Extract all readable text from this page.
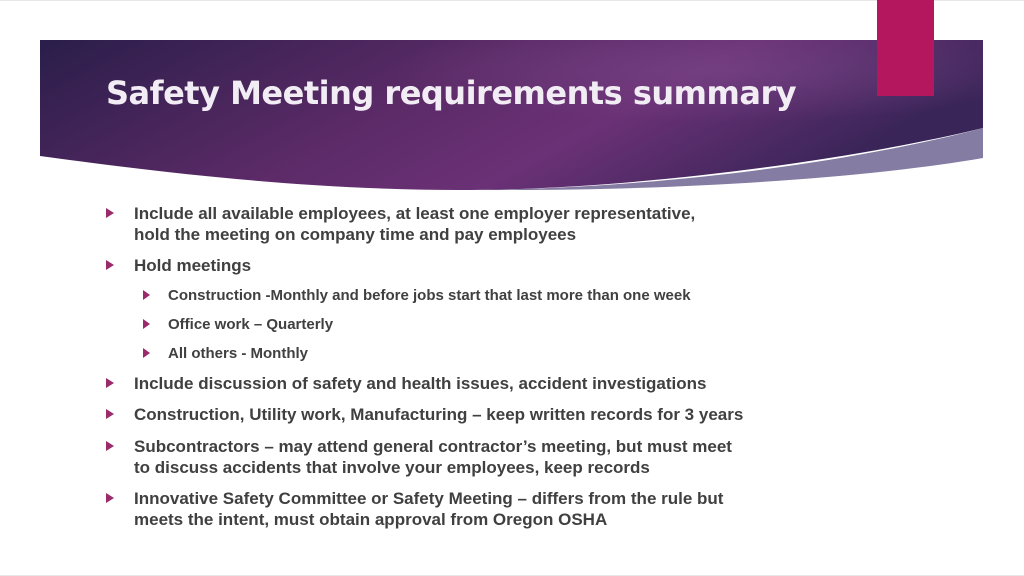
Safety Meeting requirements summary
Include all available employees, at least one employer representative,
hold the meeting on company time and pay employees
Hold meetings
Construction -Monthly and before jobs start that last more than one week
Office work – Quarterly
All others - Monthly
Include discussion of safety and health issues, accident investigations
Construction, Utility work, Manufacturing – keep written records for 3 years
Subcontractors – may attend general contractor’s meeting, but must meet
to discuss accidents that involve your employees, keep records
Innovative Safety Committee or Safety Meeting – differs from the rule but
meets the intent, must obtain approval from Oregon OSHA
